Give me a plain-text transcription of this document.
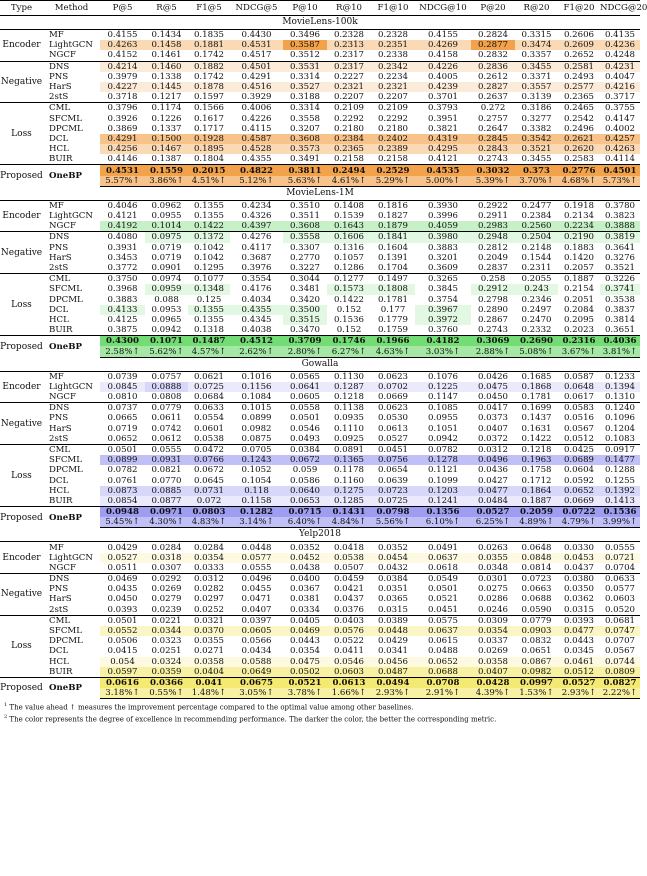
Type	Method	P@5	R@5	F1@5	NDCG@5	P@10	R@10	F1@10	NDCG@10	P@20	R@20	F1@20	NDCG@20
MovieLens-100k													
Encoder	MF	0.4155	0.1434	0.1835	0.4430	0.3496	0.2328	0.2328	0.4155	0.2824	0.3315	0.2606	0.4135
	LightGCN	0.4263	0.1458	0.1881	0.4531	0.3587	0.2313	0.2351	0.4269	0.2877	0.3474	0.2609	0.4236
	NGCF	0.4152	0.1461	0.1742	0.4517	0.3512	0.2317	0.2338	0.4158	0.2832	0.3357	0.2652	0.4248
Negative	DNS	0.4214	0.1460	0.1882	0.4501	0.3531	0.2317	0.2342	0.4226	0.2836	0.3455	0.2581	0.4231
	PNS	0.3979	0.1338	0.1742	0.4291	0.3314	0.2227	0.2234	0.4005	0.2612	0.3371	0.2493	0.4047
	HarS	0.4227	0.1445	0.1878	0.4516	0.3527	0.2321	0.2321	0.4239	0.2827	0.3557	0.2577	0.4216
	2stS	0.3718	0.1217	0.1597	0.3929	0.3188	0.2207	0.2207	0.3701	0.2637	0.3139	0.2365	0.3717
Loss	CML	0.3796	0.1174	0.1566	0.4006	0.3314	0.2109	0.2109	0.3793	0.272	0.3186	0.2465	0.3755
	SFCML	0.3926	0.1226	0.1617	0.4226	0.3558	0.2292	0.2292	0.3951	0.2757	0.3277	0.2542	0.4147
	DPCML	0.3869	0.1337	0.1717	0.4115	0.3207	0.2180	0.2180	0.3821	0.2647	0.3382	0.2496	0.4002
	DCL	0.4291	0.1500	0.1928	0.4587	0.3608	0.2384	0.2402	0.4319	0.2845	0.3542	0.2621	0.4257
	HCL	0.4256	0.1467	0.1895	0.4528	0.3573	0.2365	0.2389	0.4295	0.2843	0.3521	0.2620	0.4263
	BUIR	0.4146	0.1387	0.1804	0.4355	0.3491	0.2158	0.2158	0.4121	0.2743	0.3455	0.2583	0.4114
Proposed	OneBP	0.4531	0.1559	0.2015	0.4822	0.3811	0.2494	0.2529	0.4535	0.3032	0.373	0.2776	0.4501
		5.57%↑	3.86%↑	4.51%↑	5.12%↑	5.63%↑	4.61%↑	5.29%↑	5.00%↑	5.39%↑	3.70%↑	4.68%↑	5.73%↑
MovieLens-1M													
Encoder	MF	0.4046	0.0962	0.1355	0.4234	0.3510	0.1408	0.1816	0.3930	0.2922	0.2477	0.1918	0.3780
	LightGCN	0.4121	0.0955	0.1355	0.4326	0.3511	0.1539	0.1827	0.3996	0.2911	0.2384	0.2134	0.3823
	NGCF	0.4192	0.1014	0.1422	0.4397	0.3608	0.1643	0.1879	0.4059	0.2983	0.2560	0.2234	0.3888
Negative	DNS	0.4080	0.0975	0.1372	0.4276	0.3558	0.1606	0.1841	0.3980	0.2948	0.2504	0.2190	0.3819
	PNS	0.3931	0.0719	0.1042	0.4117	0.3307	0.1316	0.1604	0.3883	0.2812	0.2148	0.1883	0.3641
	HarS	0.3453	0.0719	0.1042	0.3687	0.2770	0.1057	0.1391	0.3201	0.2049	0.1544	0.1420	0.3276
	2stS	0.3772	0.0901	0.1295	0.3976	0.3227	0.1286	0.1704	0.3609	0.2837	0.2311	0.2057	0.3521
Loss	CML	0.3750	0.0974	0.1077	0.3554	0.3044	0.1277	0.1497	0.3265	0.258	0.2055	0.1887	0.3226
	SFCML	0.3968	0.0959	0.1348	0.4176	0.3481	0.1573	0.1808	0.3845	0.2912	0.243	0.2154	0.3741
	DPCML	0.3883	0.088	0.125	0.4034	0.3420	0.1422	0.1781	0.3754	0.2798	0.2346	0.2051	0.3538
	DCL	0.4133	0.0953	0.1355	0.4355	0.3500	0.152	0.177	0.3967	0.2890	0.2497	0.2084	0.3837
	HCL	0.4125	0.0965	0.1355	0.4345	0.3515	0.1536	0.1779	0.3972	0.2867	0.2470	0.2095	0.3814
	BUIR	0.3875	0.0942	0.1318	0.4038	0.3470	0.152	0.1759	0.3760	0.2743	0.2332	0.2023	0.3651
Proposed	OneBP	0.4300	0.1071	0.1487	0.4512	0.3709	0.1746	0.1966	0.4182	0.3069	0.2690	0.2316	0.4036
		2.58%↑	5.62%↑	4.57%↑	2.62%↑	2.80%↑	6.27%↑	4.63%↑	3.03%↑	2.88%↑	5.08%↑	3.67%↑	3.81%↑
Gowalla													
Encoder	MF	0.0739	0.0757	0.0621	0.1016	0.0565	0.1130	0.0623	0.1076	0.0426	0.1685	0.0587	0.1233
	LightGCN	0.0845	0.0888	0.0725	0.1156	0.0641	0.1287	0.0702	0.1225	0.0475	0.1868	0.0648	0.1394
	NGCF	0.0810	0.0808	0.0684	0.1084	0.0605	0.1218	0.0669	0.1147	0.0450	0.1781	0.0617	0.1310
Negative	DNS	0.0737	0.0779	0.0633	0.1015	0.0558	0.1138	0.0623	0.1085	0.0417	0.1699	0.0583	0.1240
	PNS	0.0665	0.0611	0.0554	0.0899	0.0501	0.0935	0.0530	0.0955	0.0373	0.1437	0.0516	0.1096
	HarS	0.0719	0.0742	0.0601	0.0982	0.0546	0.1110	0.0613	0.1051	0.0407	0.1631	0.0567	0.1204
	2stS	0.0652	0.0612	0.0538	0.0875	0.0493	0.0925	0.0527	0.0942	0.0372	0.1422	0.0512	0.1083
Loss	CML	0.0501	0.0555	0.0472	0.0705	0.0384	0.0891	0.0451	0.0782	0.0312	0.1218	0.0425	0.0917
	SFCML	0.0899	0.0931	0.0766	0.1243	0.0672	0.1365	0.0756	0.1278	0.0496	0.1963	0.0689	0.1477
	DPCML	0.0782	0.0821	0.0672	0.1052	0.059	0.1178	0.0654	0.1121	0.0436	0.1758	0.0604	0.1288
	DCL	0.0761	0.0770	0.0645	0.1054	0.0586	0.1160	0.0639	0.1099	0.0427	0.1712	0.0592	0.1255
	HCL	0.0873	0.0885	0.0731	0.118	0.0640	0.1275	0.0723	0.1203	0.0477	0.1864	0.0652	0.1392
	BUIR	0.0854	0.0877	0.072	0.1158	0.0653	0.1285	0.0725	0.1241	0.0484	0.1887	0.0669	0.1413
Proposed	OneBP	0.0948	0.0971	0.0803	0.1282	0.0715	0.1431	0.0798	0.1356	0.0527	0.2059	0.0722	0.1536
		5.45%↑	4.30%↑	4.83%↑	3.14%↑	6.40%↑	4.84%↑	5.56%↑	6.10%↑	6.25%↑	4.89%↑	4.79%↑	3.99%↑
Yelp2018													
Encoder	MF	0.0429	0.0284	0.0284	0.0448	0.0352	0.0418	0.0352	0.0491	0.0263	0.0648	0.0330	0.0555
	LightGCN	0.0527	0.0318	0.0354	0.0577	0.0452	0.0538	0.0454	0.0637	0.0355	0.0848	0.0453	0.0721
	NGCF	0.0511	0.0307	0.0333	0.0555	0.0438	0.0507	0.0432	0.0618	0.0348	0.0814	0.0437	0.0704
Negative	DNS	0.0469	0.0292	0.0312	0.0496	0.0400	0.0459	0.0384	0.0549	0.0301	0.0723	0.0380	0.0633
	PNS	0.0435	0.0269	0.0282	0.0455	0.0367	0.0421	0.0351	0.0501	0.0275	0.0663	0.0350	0.0577
	HarS	0.0450	0.0279	0.0297	0.0471	0.0381	0.0437	0.0365	0.0521	0.0286	0.0688	0.0362	0.0603
	2stS	0.0393	0.0239	0.0252	0.0407	0.0334	0.0376	0.0315	0.0451	0.0246	0.0590	0.0315	0.0520
Loss	CML	0.0501	0.0221	0.0321	0.0397	0.0405	0.0403	0.0389	0.0575	0.0309	0.0779	0.0393	0.0681
	SFCML	0.0552	0.0344	0.0370	0.0605	0.0469	0.0576	0.0448	0.0637	0.0354	0.0903	0.0477	0.0747
	DPCML	0.0506	0.0323	0.0355	0.0566	0.0443	0.0522	0.0429	0.0615	0.0337	0.0832	0.0443	0.0707
	DCL	0.0415	0.0251	0.0271	0.0434	0.0354	0.0411	0.0341	0.0488	0.0269	0.0651	0.0345	0.0567
	HCL	0.054	0.0324	0.0358	0.0588	0.0475	0.0546	0.0456	0.0652	0.0358	0.0867	0.0461	0.0744
	BUIR	0.0597	0.0359	0.0404	0.0649	0.0502	0.0603	0.0487	0.0688	0.0407	0.0982	0.0512	0.0809
Proposed	OneBP	0.0616	0.0366	0.041	0.0675	0.0521	0.0613	0.0494	0.0708	0.0428	0.0997	0.0527	0.0827
		3.18%↑	0.55%↑	1.48%↑	3.05%↑	3.78%↑	1.66%↑	2.93%↑	2.91%↑	4.39%↑	1.53%↑	2.93%↑	2.22%↑
$^1$ The value ahead ↑ measures the improvement percentage compared to the optimal value among other baselines.
$^2$ The color represents the degree of excellence in recommending performance. The darker the color, the better the corresponding metric.
